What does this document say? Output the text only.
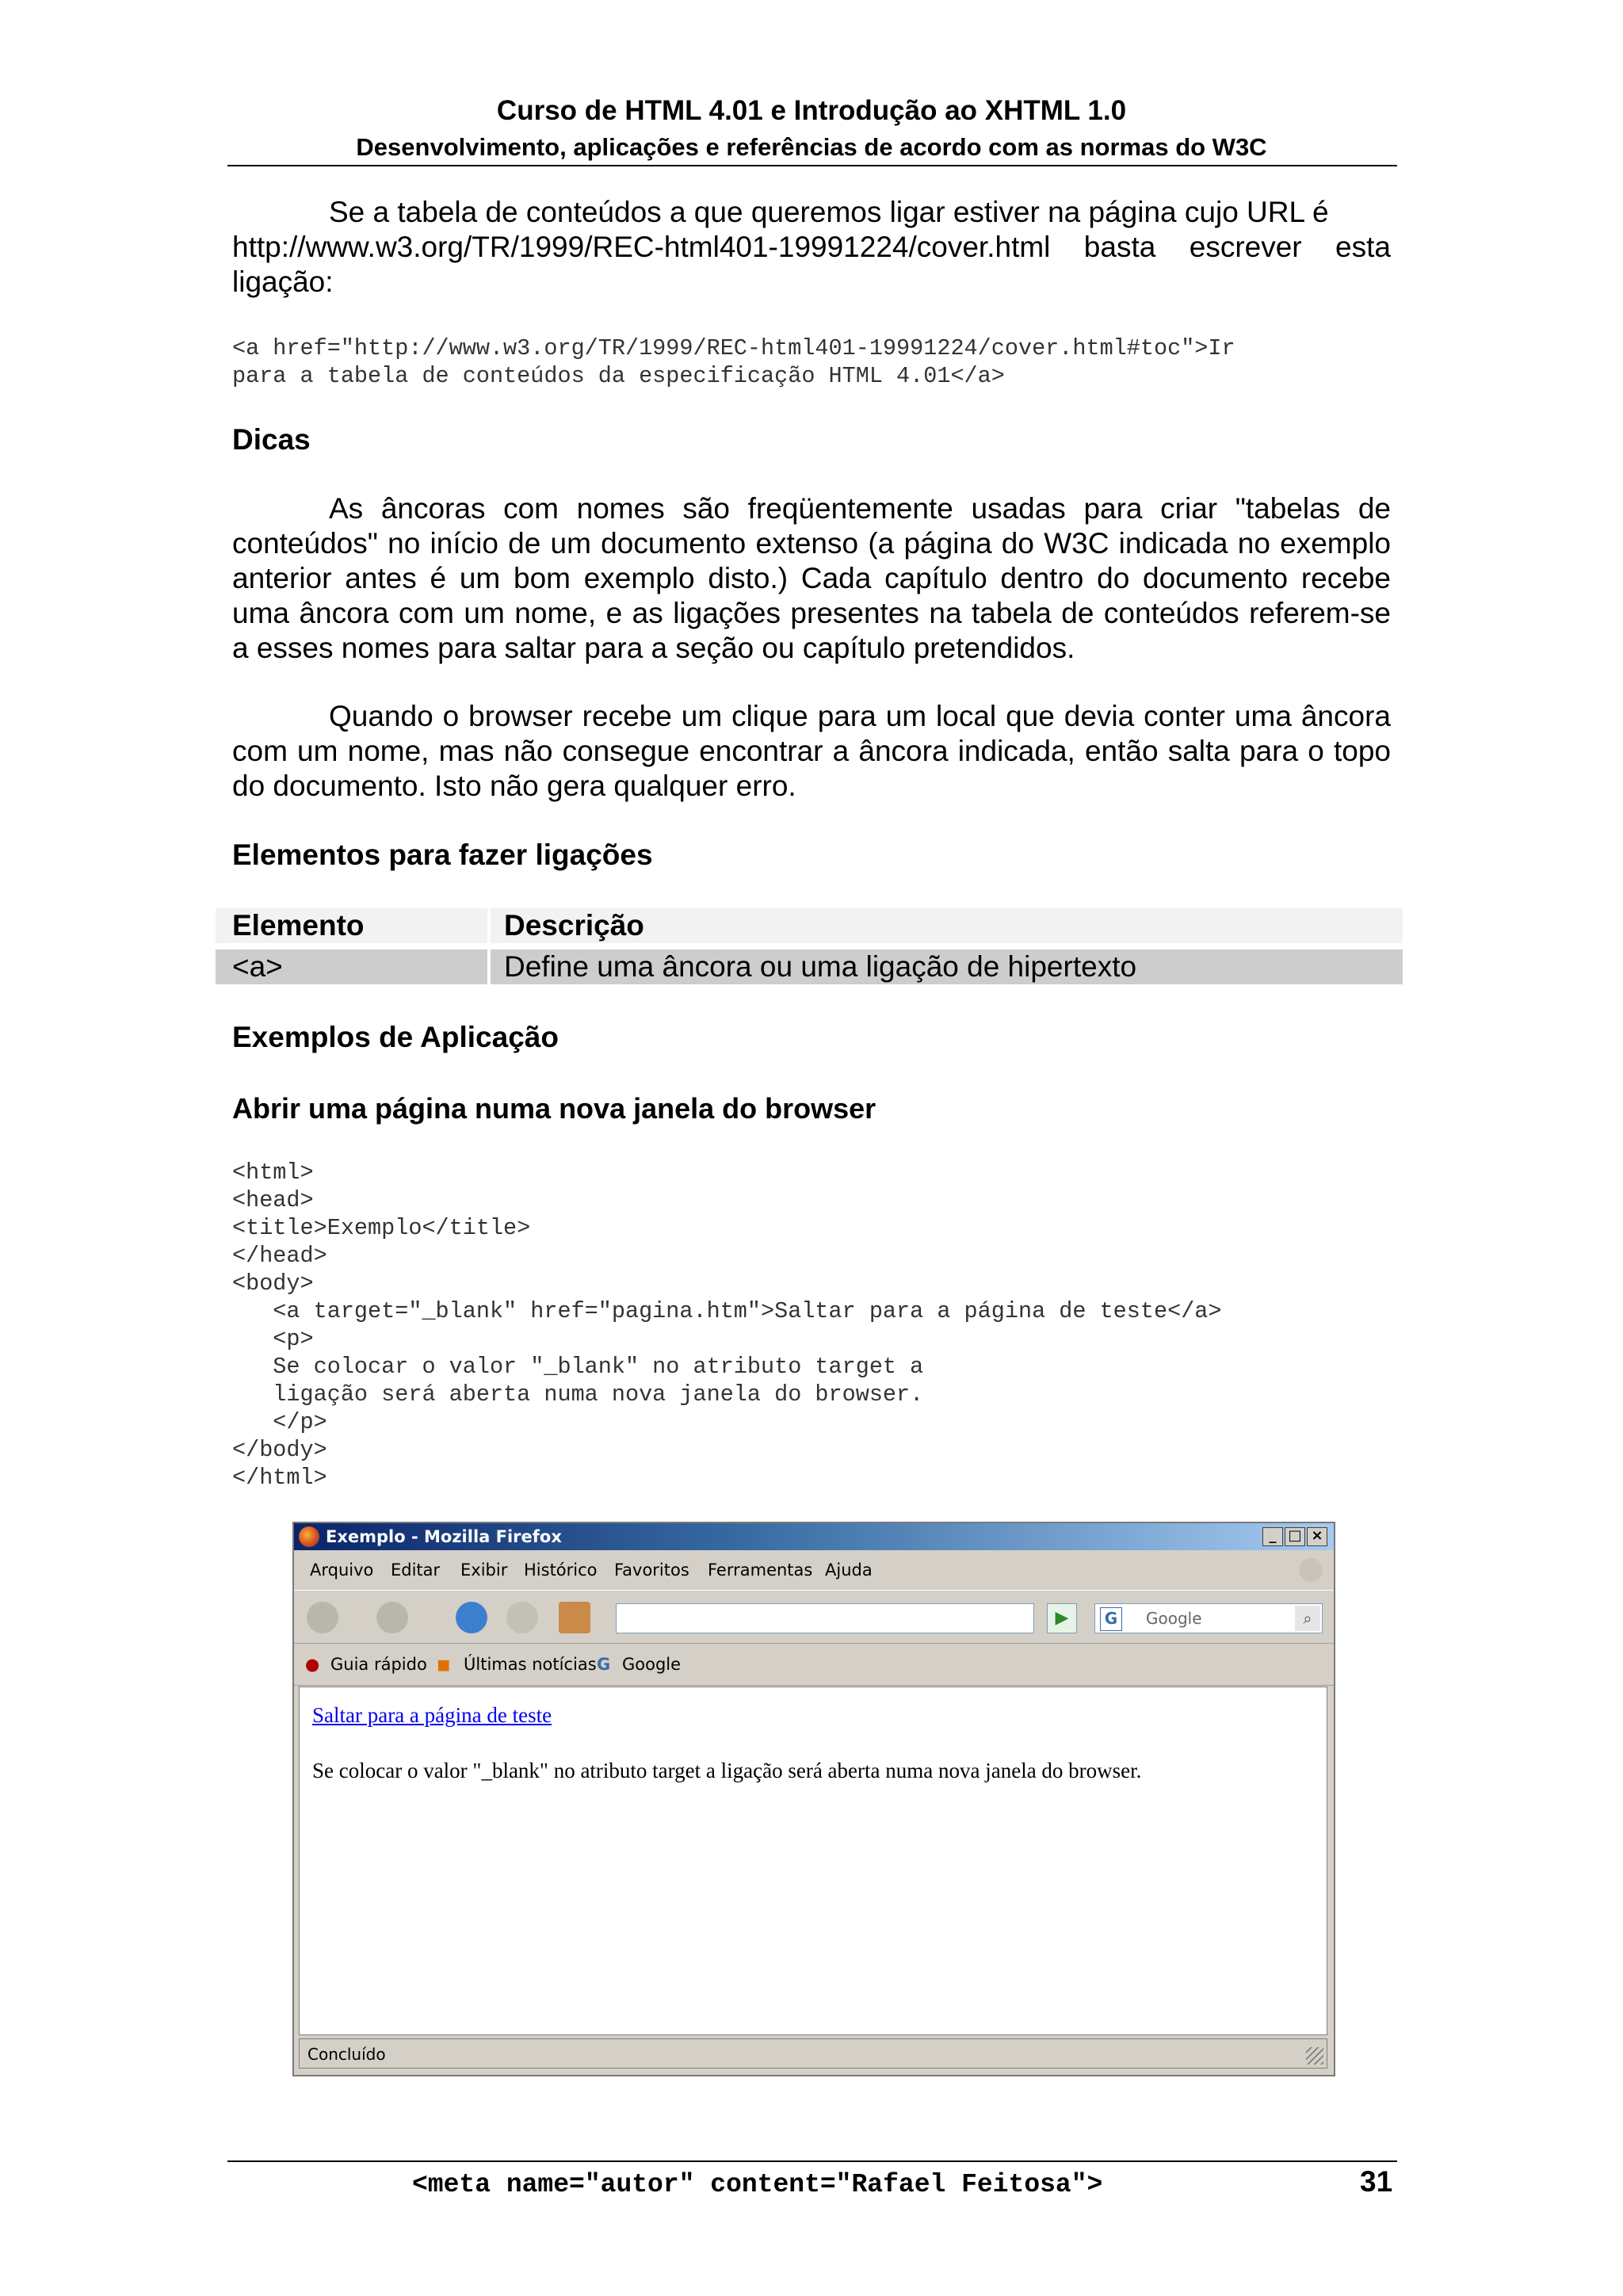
Curso de HTML 4.01 e Introdução ao XHTML 1.0
Desenvolvimento, aplicações e referências de acordo com as normas do W3C
Se a tabela de conteúdos a que queremos ligar estiver na página cujo URL é
http://www.w3.org/TR/1999/REC-html401-19991224/cover.html basta escrever esta ligação:
<a href="http://www.w3.org/TR/1999/REC-html401-19991224/cover.html#toc">Ir
para a tabela de conteúdos da especificação HTML 4.01</a>
Dicas
As âncoras com nomes são freqüentemente usadas para criar "tabelas de conteúdos" no início de um documento extenso (a página do W3C indicada no exemplo anterior antes é um bom exemplo disto.) Cada capítulo dentro do documento recebe uma âncora com um nome, e as ligações presentes na tabela de conteúdos referem-se a esses nomes para saltar para a seção ou capítulo pretendidos.
Quando o browser recebe um clique para um local que devia conter uma âncora com um nome, mas não consegue encontrar a âncora indicada, então salta para o topo do documento. Isto não gera qualquer erro.
Elementos para fazer ligações
Elemento	Descrição
<a>	Define uma âncora ou uma ligação de hipertexto
Exemplos de Aplicação
Abrir uma página numa nova janela do browser
<html>
<head>
<title>Exemplo</title>
</head>
<body>
<a target="_blank" href="pagina.htm">Saltar para a página de teste</a>
<p>
Se colocar o valor "_blank" no atributo target a
ligação será aberta numa nova janela do browser.
</p>
</body>
</html>
Exemplo - Mozilla Firefox	_ □ ×
Arquivo Editar Exibir Histórico Favoritos Ferramentas Ajuda
▶	G Google	⌕
● Guia rápido ◼ Últimas notícias G Google
Saltar para a página de teste
Se colocar o valor "_blank" no atributo target a ligação será aberta numa nova janela do browser.
Concluído
<meta name="autor" content="Rafael Feitosa">	31
